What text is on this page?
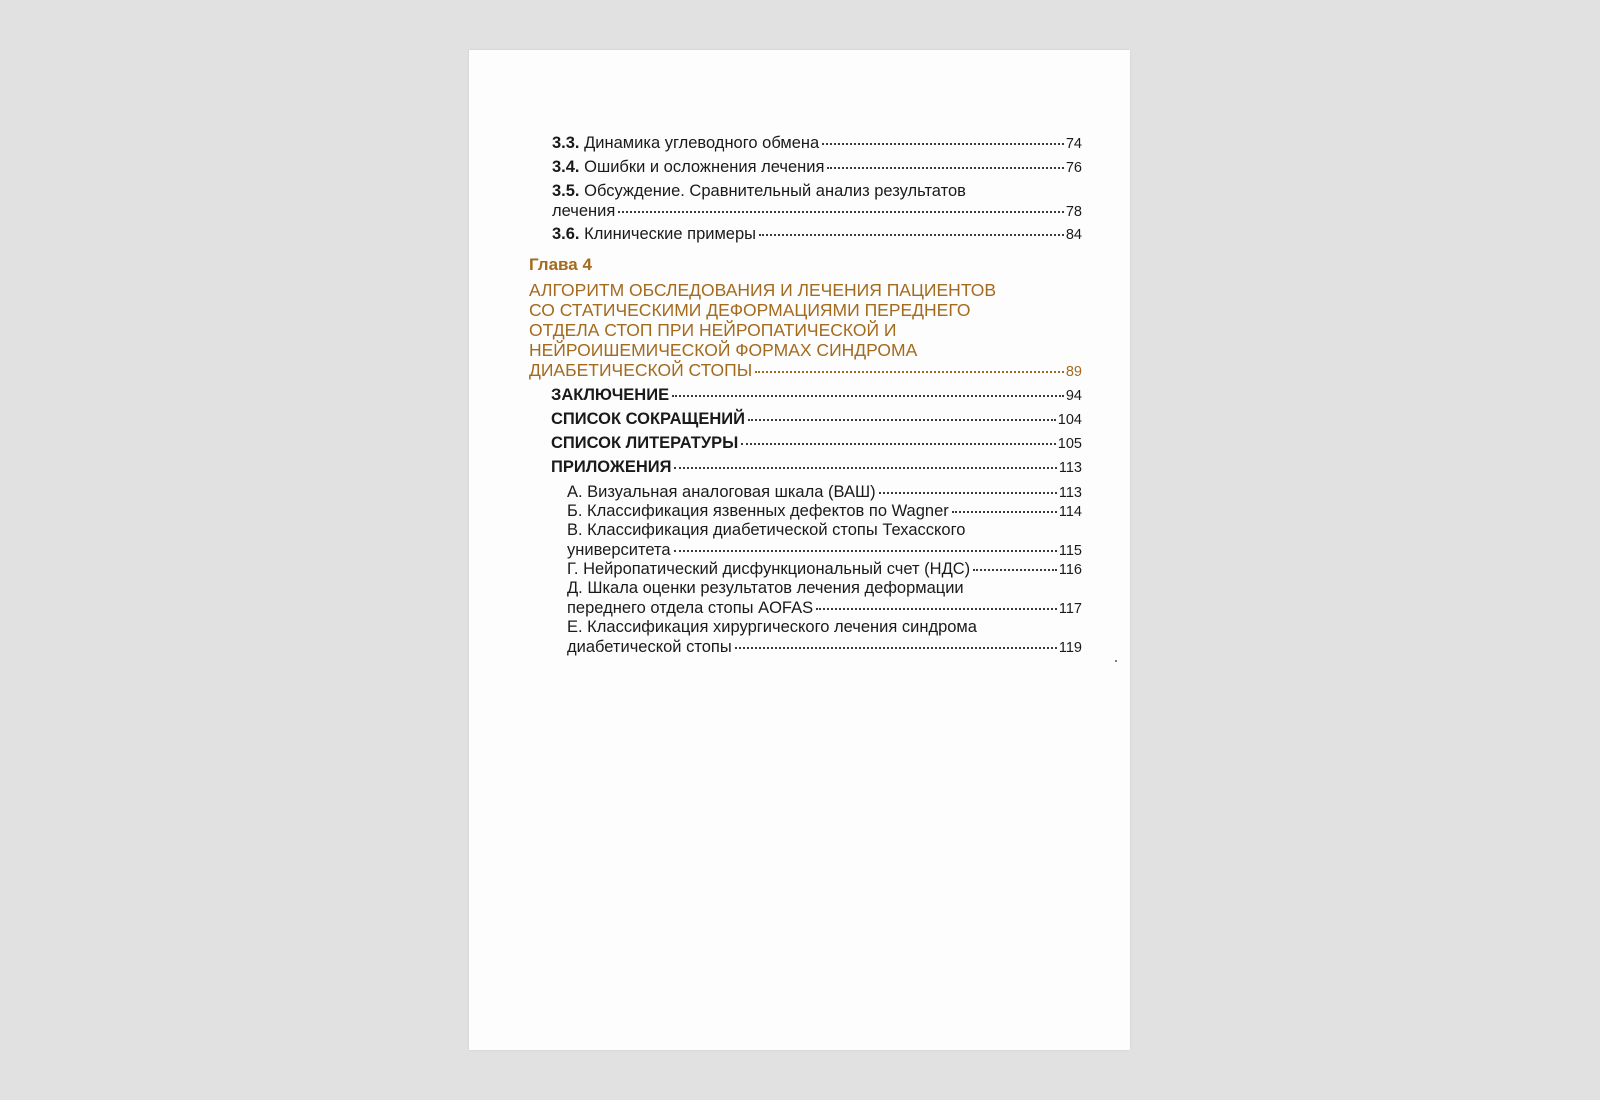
3.3. Динамика углеводного обмена	74
3.4. Ошибки и осложнения лечения	76
3.5. Обсуждение. Сравнительный анализ результатов
лечения	78
3.6. Клинические примеры	84
Глава 4
АЛГОРИТМ ОБСЛЕДОВАНИЯ И ЛЕЧЕНИЯ ПАЦИЕНТОВ
СО СТАТИЧЕСКИМИ ДЕФОРМАЦИЯМИ ПЕРЕДНЕГО
ОТДЕЛА СТОП ПРИ НЕЙРОПАТИЧЕСКОЙ И
НЕЙРОИШЕМИЧЕСКОЙ ФОРМАХ СИНДРОМА
ДИАБЕТИЧЕСКОЙ СТОПЫ	89
ЗАКЛЮЧЕНИЕ	94
СПИСОК СОКРАЩЕНИЙ	104
СПИСОК ЛИТЕРАТУРЫ	105
ПРИЛОЖЕНИЯ	113
А. Визуальная аналоговая шкала (ВАШ)	113
Б. Классификация язвенных дефектов по Wagner	114
В. Классификация диабетической стопы Техасского
университета	115
Г. Нейропатический дисфункциональный счет (НДС)	116
Д. Шкала оценки результатов лечения деформации
переднего отдела стопы AOFAS	117
Е. Классификация хирургического лечения синдрома
диабетической стопы	119
